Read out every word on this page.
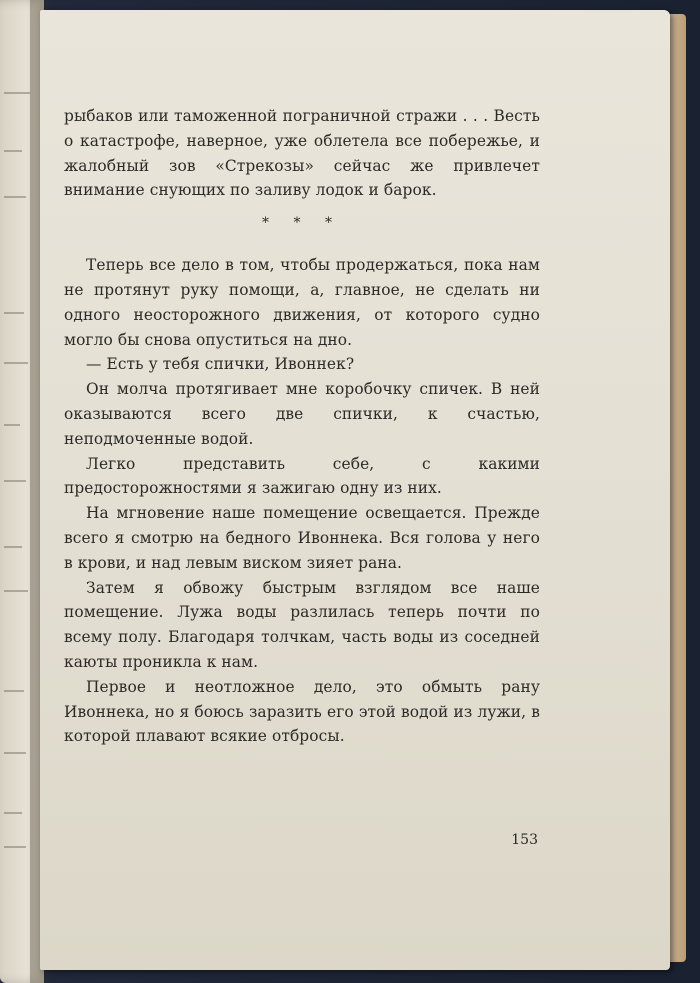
рыбаков или таможенной пограничной стражи . . . Весть о катастрофе, наверное, уже облетела все побережье, и жалобный зов «Стрекозы» сейчас же привлечет внимание снующих по заливу лодок и барок.

* * *

Теперь все дело в том, чтобы продержаться, пока нам не протянут руку помощи, а, главное, не сделать ни одного неосторожного движения, от которого судно могло бы снова опуститься на дно.

— Есть у тебя спички, Ивоннек?

Он молча протягивает мне коробочку спичек. В ней оказываются всего две спички, к счастью, неподмоченные водой.

Легко представить себе, с какими предосторожностями я зажигаю одну из них.

На мгновение наше помещение освещается. Прежде всего я смотрю на бедного Ивоннека. Вся голова у него в крови, и над левым виском зияет рана.

Затем я обвожу быстрым взглядом все наше помещение. Лужа воды разлилась теперь почти по всему полу. Благодаря толчкам, часть воды из соседней каюты проникла к нам.

Первое и неотложное дело, это обмыть рану Ивоннека, но я боюсь заразить его этой водой из лужи, в которой плавают всякие отбросы.

153
